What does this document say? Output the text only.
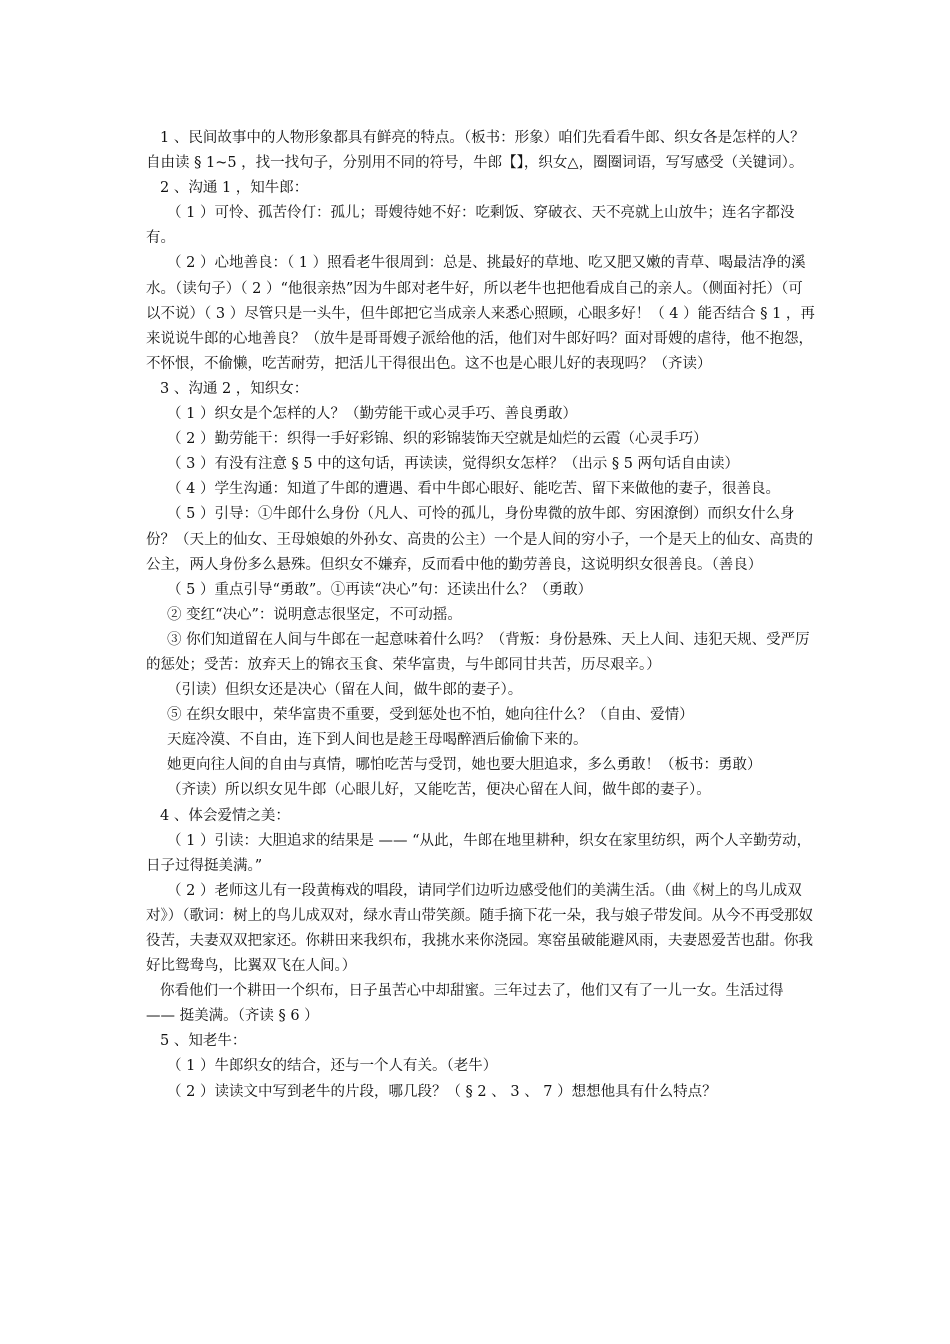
1 、民间故事中的人物形象都具有鲜亮的特点。（板书：形象）咱们先看看牛郎、织女各是怎样的人？自由读 § 1~5 ，找一找句子，分别用不同的符号，牛郎【】，织女△，圈圈词语，写写感受（关键词）。

2 、沟通 1 ，知牛郎：

（ 1 ）可怜、孤苦伶仃：孤儿；哥嫂待她不好：吃剩饭、穿破衣、天不亮就上山放牛；连名字都没有。

（ 2 ）心地善良：（ 1 ）照看老牛很周到：总是、挑最好的草地、吃又肥又嫩的青草、喝最洁净的溪水。（读句子）（ 2 ）“他很亲热”因为牛郎对老牛好，所以老牛也把他看成自己的亲人。（侧面衬托）（可以不说）（ 3 ）尽管只是一头牛，但牛郎把它当成亲人来悉心照顾，心眼多好！（ 4 ）能否结合 § 1 ，再来说说牛郎的心地善良？（放牛是哥哥嫂子派给他的活，他们对牛郎好吗？面对哥嫂的虐待，他不抱怨，不怀恨，不偷懒，吃苦耐劳，把活儿干得很出色。这不也是心眼儿好的表现吗？（齐读）

3 、沟通 2 ，知织女：

（ 1 ）织女是个怎样的人？（勤劳能干或心灵手巧、善良勇敢）

（ 2 ）勤劳能干：织得一手好彩锦、织的彩锦装饰天空就是灿烂的云霞（心灵手巧）

（ 3 ）有没有注意 § 5 中的这句话，再读读，觉得织女怎样？（出示 § 5 两句话自由读）

（ 4 ）学生沟通：知道了牛郎的遭遇、看中牛郎心眼好、能吃苦、留下来做他的妻子，很善良。

（ 5 ）引导：①牛郎什么身份（凡人、可怜的孤儿，身份卑微的放牛郎、穷困潦倒）而织女什么身份？（天上的仙女、王母娘娘的外孙女、高贵的公主）一个是人间的穷小子，一个是天上的仙女、高贵的公主，两人身份多么悬殊。但织女不嫌弃，反而看中他的勤劳善良，这说明织女很善良。（善良）

（ 5 ）重点引导“勇敢”。①再读“决心”句：还读出什么？（勇敢）

② 变红“决心”：说明意志很坚定，不可动摇。

③ 你们知道留在人间与牛郎在一起意味着什么吗？（背叛：身份悬殊、天上人间、违犯天规、受严厉的惩处；受苦：放弃天上的锦衣玉食、荣华富贵，与牛郎同甘共苦，历尽艰辛。）

（引读）但织女还是决心（留在人间，做牛郎的妻子）。

⑤ 在织女眼中，荣华富贵不重要，受到惩处也不怕，她向往什么？（自由、爱情）

天庭冷漠、不自由，连下到人间也是趁王母喝醉酒后偷偷下来的。

她更向往人间的自由与真情，哪怕吃苦与受罚，她也要大胆追求，多么勇敢！（板书：勇敢）

（齐读）所以织女见牛郎（心眼儿好，又能吃苦，便决心留在人间，做牛郎的妻子）。

4 、体会爱情之美：

（ 1 ）引读：大胆追求的结果是 —— “从此，牛郎在地里耕种，织女在家里纺织，两个人辛勤劳动，日子过得挺美满。”

（ 2 ）老师这儿有一段黄梅戏的唱段，请同学们边听边感受他们的美满生活。（曲《树上的鸟儿成双对》）（歌词：树上的鸟儿成双对，绿水青山带笑颜。随手摘下花一朵，我与娘子带发间。从今不再受那奴役苦，夫妻双双把家还。你耕田来我织布，我挑水来你浇园。寒窑虽破能避风雨，夫妻恩爱苦也甜。你我好比鸳鸯鸟，比翼双飞在人间。）

你看他们一个耕田一个织布，日子虽苦心中却甜蜜。三年过去了，他们又有了一儿一女。生活过得 —— 挺美满。（齐读 § 6 ）

5 、知老牛：

（ 1 ）牛郎织女的结合，还与一个人有关。（老牛）

（ 2 ）读读文中写到老牛的片段，哪几段？（ § 2 、 3 、 7 ）想想他具有什么特点？
